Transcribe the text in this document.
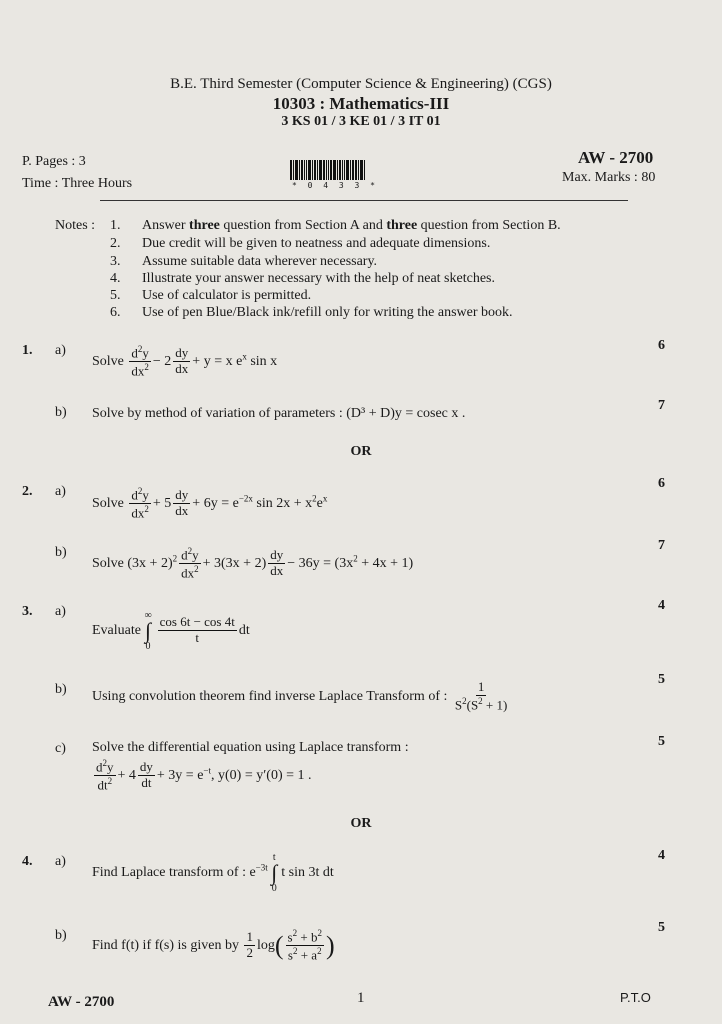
B.E. Third Semester (Computer Science & Engineering) (CGS)
10303 : Mathematics-III
3 KS 01 / 3 KE 01 / 3 IT 01
P. Pages : 3
Time : Three Hours
AW - 2700
Max. Marks : 80
* 0 4 3 3 *
Notes : 1.	Answer three question from Section A and three question from Section B.
2.	Due credit will be given to neatness and adequate dimensions.
3.	Assume suitable data wherever necessary.
4.	Illustrate your answer necessary with the help of neat sketches.
5.	Use of calculator is permitted.
6.	Use of pen Blue/Black ink/refill only for writing the answer book.
1. a)
Solve $\frac{d^2y}{dx^2} - 2 \frac{dy}{dx} + y = x$ $e^x$ sin x
6
b) Solve by method of variation of parameters : (D³ + D)y = cosec x .
7
OR
2. a)
Solve $\frac{d^2y}{dx^2} + 5 \frac{dy}{dx} + 6y = e^{-2x}$ $\sin 2x + x^2e^x$
6
b)
Solve $(3x + 2)^2 \frac{d^2y}{dx^2} + 3(3x + 2) \frac{dy}{dx} - 36y = (3x^2 + 4x + 1)$
7
3. a)
Evaluate
∞
∫
$0 \frac{\cos 6t - \cos 4t}{t}$ dt
4
b) Using convolution theorem find inverse Laplace Transform of : $\frac{1}{S^2(S^2 + 1)}$
5
c) Solve the differential equation using Laplace transform :
$\frac{d^2y}{dt^2} + 4 \frac{dy}{dt} + 3y = e^{-t}$, y(0) = y′(0) = 1 .
5
OR
4. a)
Find Laplace transform of : $e^{-3t}$
t
∫
0
t sin 3t dt
4
b)
Find f(t) if f(s) is given by $\frac{1}{2} \log( \frac{s^2 + b^2}{s^2 + a^2}$ )
5
AW - 2700	1	P.T.O
